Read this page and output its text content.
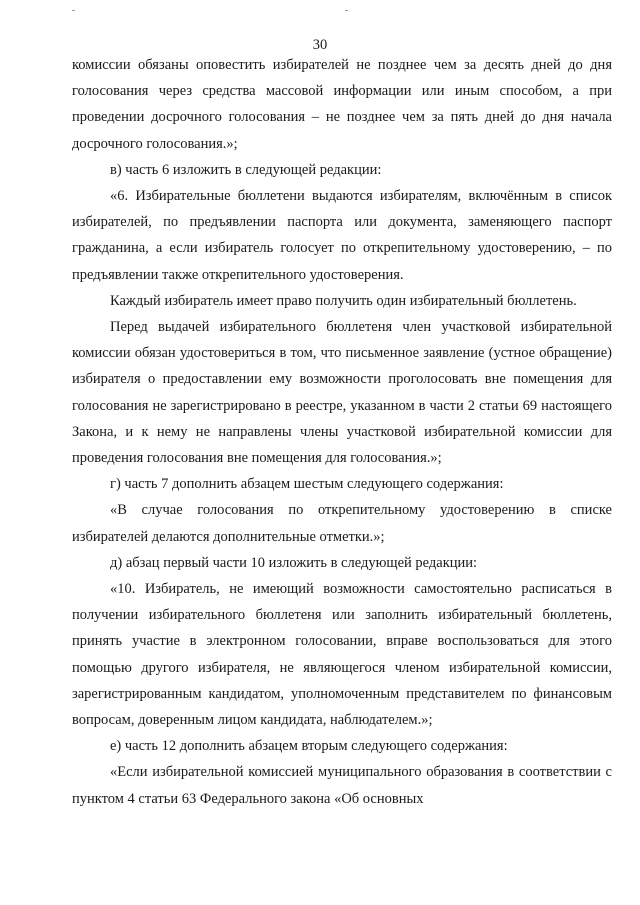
30

комиссии обязаны оповестить избирателей не позднее чем за десять дней до дня голосования через средства массовой информации или иным способом, а при проведении досрочного голосования – не позднее чем за пять дней до дня начала досрочного голосования.»;

в) часть 6 изложить в следующей редакции:

«6. Избирательные бюллетени выдаются избирателям, включённым в список избирателей, по предъявлении паспорта или документа, заменяющего паспорт гражданина, а если избиратель голосует по открепительному удостоверению, – по предъявлении также открепительного удостоверения.

Каждый избиратель имеет право получить один избирательный бюллетень.

Перед выдачей избирательного бюллетеня член участковой избирательной комиссии обязан удостовериться в том, что письменное заявление (устное обращение) избирателя о предоставлении ему возможности проголосовать вне помещения для голосования не зарегистрировано в реестре, указанном в части 2 статьи 69 настоящего Закона, и к нему не направлены члены участковой избирательной комиссии для проведения голосования вне помещения для голосования.»;

г) часть 7 дополнить абзацем шестым следующего содержания:

«В случае голосования по открепительному удостоверению в списке избирателей делаются дополнительные отметки.»;

д) абзац первый части 10 изложить в следующей редакции:

«10. Избиратель, не имеющий возможности самостоятельно расписаться в получении избирательного бюллетеня или заполнить избирательный бюллетень, принять участие в электронном голосовании, вправе воспользоваться для этого помощью другого избирателя, не являющегося членом избирательной комиссии, зарегистрированным кандидатом, уполномоченным представителем по финансовым вопросам, доверенным лицом кандидата, наблюдателем.»;

е) часть 12 дополнить абзацем вторым следующего содержания:

«Если избирательной комиссией муниципального образования в соответствии с пунктом 4 статьи 63 Федерального закона «Об основных
